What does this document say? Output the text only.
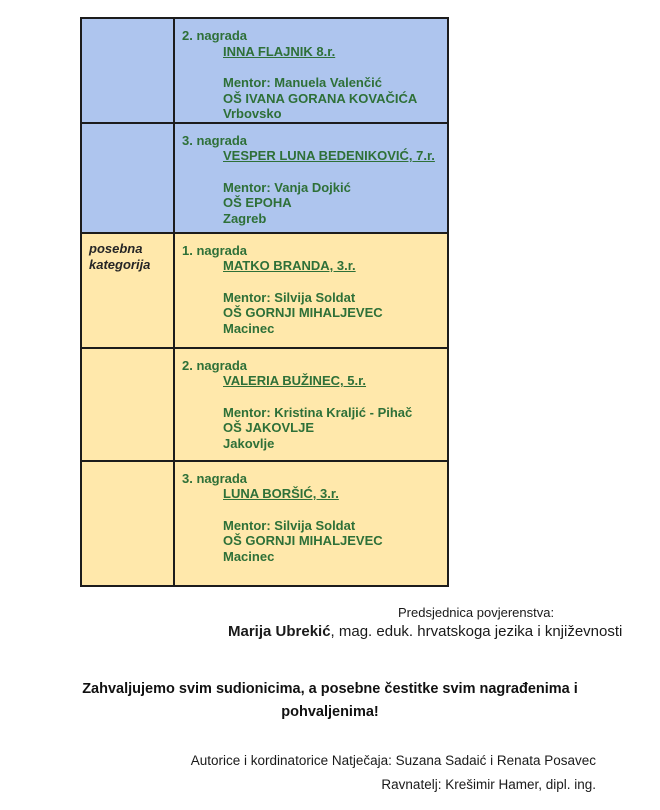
	2. nagrada
INNA FLAJNIK 8.r.
Mentor: Manuela Valenčić
OŠ IVANA GORANA KOVAČIĆA
Vrbovsko

	3. nagrada
VESPER LUNA BEDENIKOVIĆ, 7.r.
Mentor: Vanja Dojkić
OŠ EPOHA
Zagreb

posebna kategorija	1. nagrada
MATKO BRANDA, 3.r.
Mentor: Silvija Soldat
OŠ GORNJI MIHALJEVEC
Macinec

	2. nagrada
VALERIA BUŽINEC, 5.r.
Mentor: Kristina Kraljić - Pihač
OŠ JAKOVLJE
Jakovlje

	3. nagrada
LUNA BORŠIĆ, 3.r.
Mentor: Silvija Soldat
OŠ GORNJI MIHALJEVEC
Macinec
Predsjednica povjerenstva:
Marija Ubrekić, mag. eduk. hrvatskoga jezika i književnosti
Zahvaljujemo svim sudionicima, a posebne čestitke svim nagrađenima i
pohvaljenima!
Autorice i kordinatorice Natječaja: Suzana Sadaić i Renata Posavec
Ravnatelj: Krešimir Hamer, dipl. ing.
